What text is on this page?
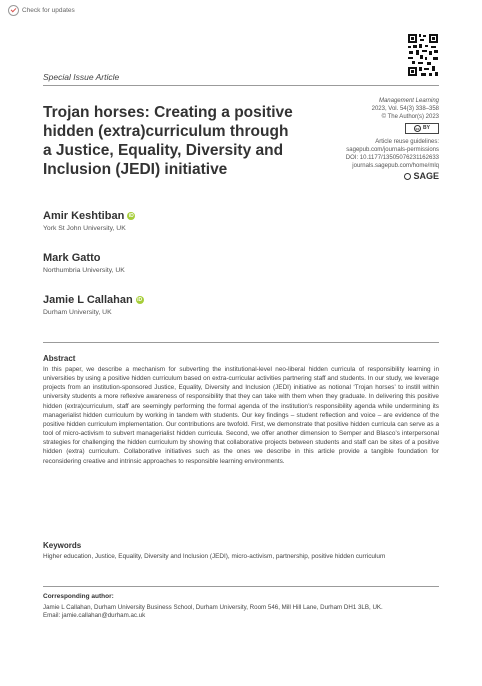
Check for updates
Special Issue Article
Trojan horses: Creating a positive hidden (extra)curriculum through a Justice, Equality, Diversity and Inclusion (JEDI) initiative
Management Learning
2023, Vol. 54(3) 338–358
© The Author(s) 2023
cc BY
Article reuse guidelines:
sagepub.com/journals-permissions
DOI: 10.1177/13505076231162633
journals.sagepub.com/home/mlq
SAGE
Amir Keshtiban iD
York St John University, UK
Mark Gatto
Northumbria University, UK
Jamie L Callahan iD
Durham University, UK
Abstract

In this paper, we describe a mechanism for subverting the institutional-level neo-liberal hidden curricula of responsibility learning in universities by using a positive hidden curriculum based on extra-curricular activities partnering staff and students. In our study, we leverage projects from an institution-sponsored Justice, Equality, Diversity and Inclusion (JEDI) initiative as notional ‘Trojan horses’ to instill within university students a more reflexive awareness of responsibility that they can take with them when they graduate. In delivering this positive hidden (extra)curriculum, staff are seemingly performing the formal agenda of the institution’s responsibility agenda while undermining its managerialist hidden curriculum by working in tandem with students. Our key findings – student reflection and voice – are evidence of the positive hidden curriculum implementation. Our contributions are twofold. First, we demonstrate that positive hidden curricula can serve as a tool of micro-activism to subvert managerialist hidden curricula. Second, we offer another dimension to Semper and Blasco’s interpersonal strategies for challenging the hidden curriculum by showing that collaborative projects between students and staff can be sites of a positive hidden (extra) curriculum. Collaborative initiatives such as the ones we describe in this article provide a tangible foundation for reconsidering creative and intrinsic approaches to responsible learning environments.

Keywords

Higher education, Justice, Equality, Diversity and Inclusion (JEDI), micro-activism, partnership, positive hidden curriculum

Corresponding author:
Jamie L Callahan, Durham University Business School, Durham University, Room 546, Mill Hill Lane, Durham DH1 3LB, UK.
Email: jamie.callahan@durham.ac.uk
